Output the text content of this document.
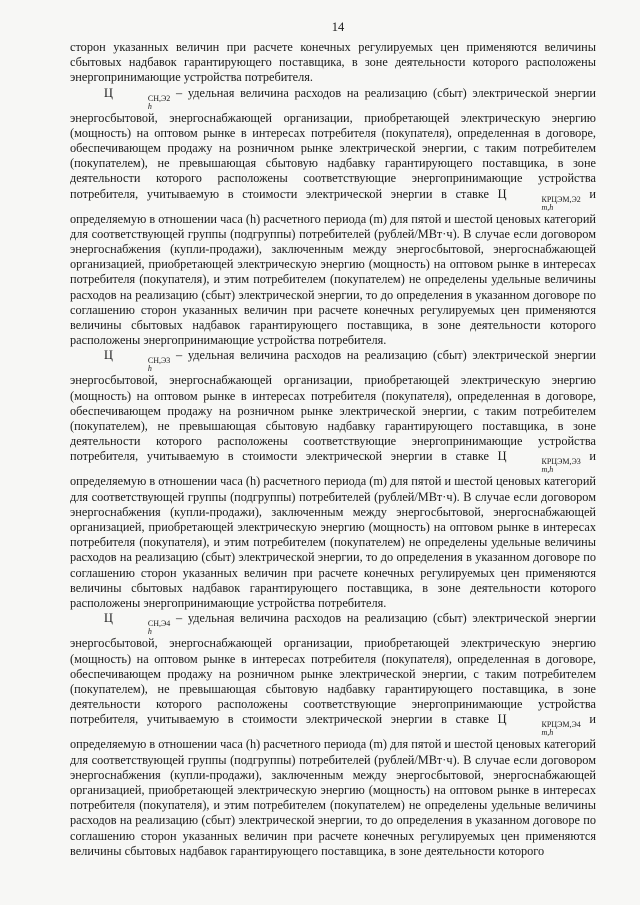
14

сторон указанных величин при расчете конечных регулируемых цен применяются величины сбытовых надбавок гарантирующего поставщика, в зоне деятельности которого расположены энергопринимающие устройства потребителя.

Ц	СН,Э2
h
– удельная величина расходов на реализацию (сбыт) электрической энергии энергосбытовой, энергоснабжающей организации, приобретающей электрическую энергию (мощность) на оптовом рынке в интересах потребителя (покупателя), определенная в договоре, обеспечивающем продажу на розничном рынке электрической энергии, с таким потребителем (покупателем), не превышающая сбытовую надбавку гарантирующего поставщика, в зоне деятельности которого расположены соответствующие энергопринимающие устройства потребителя, учитываемую в стоимости электрической энергии в ставке Ц	КРЦЭМ,Э2
m,h
и определяемую в отношении часа (h) расчетного периода (m) для пятой и шестой ценовых категорий для соответствующей группы (подгруппы) потребителей (рублей/МВт·ч). В случае если договором энергоснабжения (купли-продажи), заключенным между энергосбытовой, энергоснабжающей организацией, приобретающей электрическую энергию (мощность) на оптовом рынке в интересах потребителя (покупателя), и этим потребителем (покупателем) не определены удельные величины расходов на реализацию (сбыт) электрической энергии, то до определения в указанном договоре по соглашению сторон указанных величин при расчете конечных регулируемых цен применяются величины сбытовых надбавок гарантирующего поставщика, в зоне деятельности которого расположены энергопринимающие устройства потребителя.

Ц	СН,Э3
h
– удельная величина расходов на реализацию (сбыт) электрической энергии энергосбытовой, энергоснабжающей организации, приобретающей электрическую энергию (мощность) на оптовом рынке в интересах потребителя (покупателя), определенная в договоре, обеспечивающем продажу на розничном рынке электрической энергии, с таким потребителем (покупателем), не превышающая сбытовую надбавку гарантирующего поставщика, в зоне деятельности которого расположены соответствующие энергопринимающие устройства потребителя, учитываемую в стоимости электрической энергии в ставке Ц	КРЦЭМ,Э3
m,h
и определяемую в отношении часа (h) расчетного периода (m) для пятой и шестой ценовых категорий для соответствующей группы (подгруппы) потребителей (рублей/МВт·ч). В случае если договором энергоснабжения (купли-продажи), заключенным между энергосбытовой, энергоснабжающей организацией, приобретающей электрическую энергию (мощность) на оптовом рынке в интересах потребителя (покупателя), и этим потребителем (покупателем) не определены удельные величины расходов на реализацию (сбыт) электрической энергии, то до определения в указанном договоре по соглашению сторон указанных величин при расчете конечных регулируемых цен применяются величины сбытовых надбавок гарантирующего поставщика, в зоне деятельности которого расположены энергопринимающие устройства потребителя.

Ц	СН,Э4
h
– удельная величина расходов на реализацию (сбыт) электрической энергии энергосбытовой, энергоснабжающей организации, приобретающей электрическую энергию (мощность) на оптовом рынке в интересах потребителя (покупателя), определенная в договоре, обеспечивающем продажу на розничном рынке электрической энергии, с таким потребителем (покупателем), не превышающая сбытовую надбавку гарантирующего поставщика, в зоне деятельности которого расположены соответствующие энергопринимающие устройства потребителя, учитываемую в стоимости электрической энергии в ставке Ц	КРЦЭМ,Э4
m,h
и определяемую в отношении часа (h) расчетного периода (m) для пятой и шестой ценовых категорий для соответствующей группы (подгруппы) потребителей (рублей/МВт·ч). В случае если договором энергоснабжения (купли-продажи), заключенным между энергосбытовой, энергоснабжающей организацией, приобретающей электрическую энергию (мощность) на оптовом рынке в интересах потребителя (покупателя), и этим потребителем (покупателем) не определены удельные величины расходов на реализацию (сбыт) электрической энергии, то до определения в указанном договоре по соглашению сторон указанных величин при расчете конечных регулируемых цен применяются величины сбытовых надбавок гарантирующего поставщика, в зоне деятельности которого
